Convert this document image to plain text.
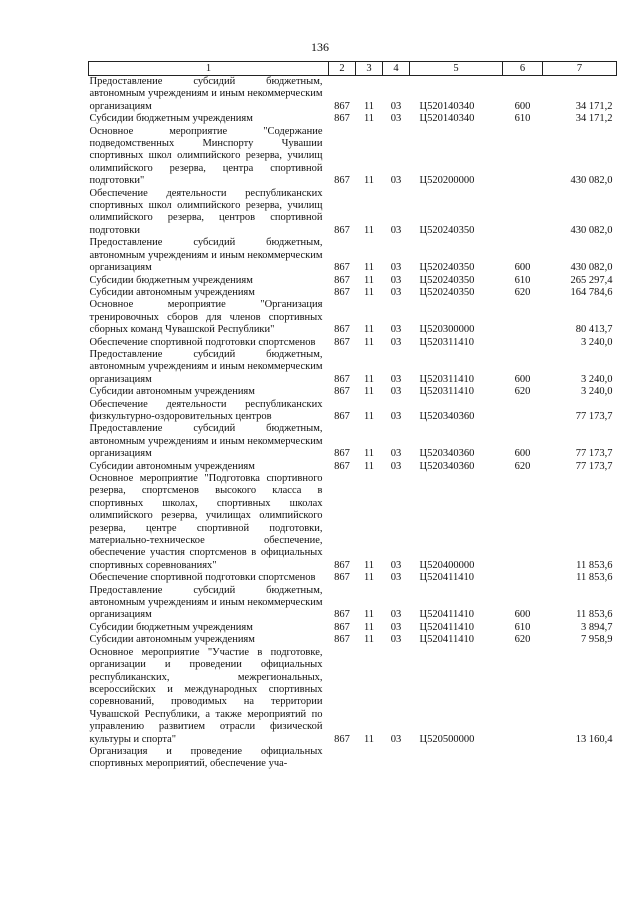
136
1	2	3	4	5	6	7
Предоставление субсидий бюджетным, автономным учреждениям и иным некоммерческим организациям	867	11	03	Ц520140340	600	34 171,2
Субсидии бюджетным учреждениям	867	11	03	Ц520140340	610	34 171,2
Основное мероприятие "Содержание подведомственных Минспорту Чувашии спортивных школ олимпийского резерва, училищ олимпийского резерва, центра спортивной подготовки"	867	11	03	Ц520200000		430 082,0
Обеспечение деятельности республиканских спортивных школ олимпийского резерва, училищ олимпийского резерва, центров спортивной подготовки	867	11	03	Ц520240350		430 082,0
Предоставление субсидий бюджетным, автономным учреждениям и иным некоммерческим организациям	867	11	03	Ц520240350	600	430 082,0
Субсидии бюджетным учреждениям	867	11	03	Ц520240350	610	265 297,4
Субсидии автономным учреждениям	867	11	03	Ц520240350	620	164 784,6
Основное мероприятие "Организация тренировочных сборов для членов спортивных сборных команд Чувашской Республики"	867	11	03	Ц520300000		80 413,7
Обеспечение спортивной подготовки спортсменов	867	11	03	Ц520311410		3 240,0
Предоставление субсидий бюджетным, автономным учреждениям и иным некоммерческим организациям	867	11	03	Ц520311410	600	3 240,0
Субсидии автономным учреждениям	867	11	03	Ц520311410	620	3 240,0
Обеспечение деятельности республиканских физкультурно-оздоровительных центров	867	11	03	Ц520340360		77 173,7
Предоставление субсидий бюджетным, автономным учреждениям и иным некоммерческим организациям	867	11	03	Ц520340360	600	77 173,7
Субсидии автономным учреждениям	867	11	03	Ц520340360	620	77 173,7
Основное мероприятие "Подготовка спортивного резерва, спортсменов высокого класса в спортивных школах, спортивных школах олимпийского резерва, училищах олимпийского резерва, центре спортивной подготовки, материально-техническое обеспечение, обеспечение участия спортсменов в официальных спортивных соревнованиях"	867	11	03	Ц520400000		11 853,6
Обеспечение спортивной подготовки спортсменов	867	11	03	Ц520411410		11 853,6
Предоставление субсидий бюджетным, автономным учреждениям и иным некоммерческим организациям	867	11	03	Ц520411410	600	11 853,6
Субсидии бюджетным учреждениям	867	11	03	Ц520411410	610	3 894,7
Субсидии автономным учреждениям	867	11	03	Ц520411410	620	7 958,9
Основное мероприятие "Участие в подготовке, организации и проведении официальных республиканских, межрегиональных, всероссийских и международных спортивных соревнований, проводимых на территории Чувашской Республики, а также мероприятий по управлению развитием отрасли физической культуры и спорта"	867	11	03	Ц520500000		13 160,4
Организация и проведение официальных спортивных мероприятий, обеспечение уча-						
